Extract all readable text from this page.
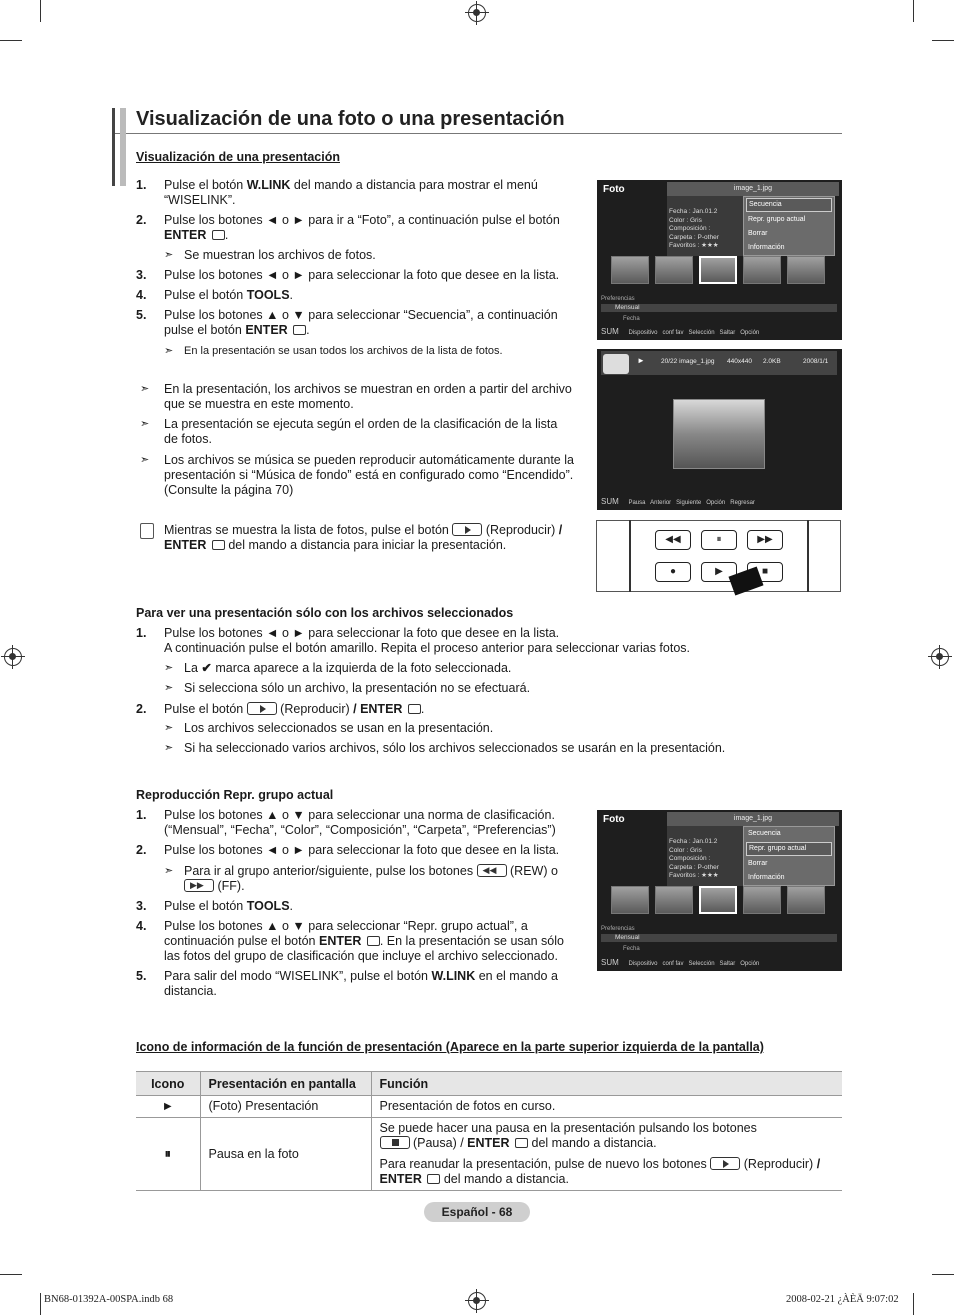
Visualización de una foto o una presentación
Visualización de una presentación
1. Pulse el botón W.LINK del mando a distancia para mostrar el menú
“WISELINK”.
2. Pulse los botones ◄ o ► para ir a “Foto”, a continuación pulse el botón
ENTER .
➣ Se muestran los archivos de fotos.
3. Pulse los botones ◄ o ► para seleccionar la foto que desee en la lista.
4. Pulse el botón TOOLS.
5. Pulse los botones ▲ o ▼ para seleccionar “Secuencia”, a continuación
pulse el botón ENTER .
➣ En la presentación se usan todos los archivos de la lista de fotos.
➣ En la presentación, los archivos se muestran en orden a partir del archivo
que se muestra en este momento.
➣ La presentación se ejecuta según el orden de la clasificación de la lista
de fotos.
➣ Los archivos se música se pueden reproducir automáticamente durante la
presentación si “Música de fondo” está en configurado como “Encendido”.
(Consulte la página 70)
Mientras se muestra la lista de fotos, pulse el botón  (Reproducir) /
ENTER  del mando a distancia para iniciar la presentación.
Foto	image_1.jpg
Fecha : Jan.01.2
Color : Gris
Composición :
Carpeta : P-other
Favoritos : ★★★
Secuencia
Repr. grupo actual
Borrar
Información
Preferencias
Mensual
Fecha
SUM Dispositivo conf fav Selección Saltar Opción
► 20/22 image_1.jpg 440x440 2.0KB	2008/1/1
SUM Pausa Anterior Siguiente Opción Regresar
◀◀	⏸	▶▶
●	▶	■
Para ver una presentación sólo con los archivos seleccionados
1. Pulse los botones ◄ o ► para seleccionar la foto que desee en la lista.
A continuación pulse el botón amarillo. Repita el proceso anterior para seleccionar varias fotos.
➣ La ✔ marca aparece a la izquierda de la foto seleccionada.
➣ Si selecciona sólo un archivo, la presentación no se efectuará.
2. Pulse el botón  (Reproducir) / ENTER .
➣ Los archivos seleccionados se usan en la presentación.
➣ Si ha seleccionado varios archivos, sólo los archivos seleccionados se usarán en la presentación.
Reproducción Repr. grupo actual
1. Pulse los botones ▲ o ▼ para seleccionar una norma de clasificación.
(“Mensual”, “Fecha”, “Color”, “Composición”, “Carpeta”, “Preferencias”)
2. Pulse los botones ◄ o ► para seleccionar la foto que desee en la lista.
➣ Para ir al grupo anterior/siguiente, pulse los botones ◀◀ (REW) o
▶▶ (FF).
3. Pulse el botón TOOLS.
4. Pulse los botones ▲ o ▼ para seleccionar “Repr. grupo actual”, a
continuación pulse el botón ENTER . En la presentación se usan sólo
las fotos del grupo de clasificación que incluye el archivo seleccionado.
5. Para salir del modo “WISELINK”, pulse el botón W.LINK en el mando a
distancia.
Foto	image_1.jpg
Fecha : Jan.01.2
Color : Gris
Composición :
Carpeta : P-other
Favoritos : ★★★
Secuencia
Repr. grupo actual
Borrar
Información
Preferencias
Mensual
Fecha
SUM Dispositivo conf fav Selección Saltar Opción
Icono de información de la función de presentación (Aparece en la parte superior izquierda de la pantalla)
Icono	Presentación en pantalla	Función
►	(Foto) Presentación	Presentación de fotos en curso.
⏸	Pausa en la foto	Se puede hacer una pausa en la presentación pulsando los botones
(Pausa) / ENTER  del mando a distancia.
Para reanudar la presentación, pulse de nuevo los botones  (Reproducir) /
ENTER  del mando a distancia.
Español - 68
BN68-01392A-00SPA.indb 68	2008-02-21 ¿ÀÈÄ 9:07:02
